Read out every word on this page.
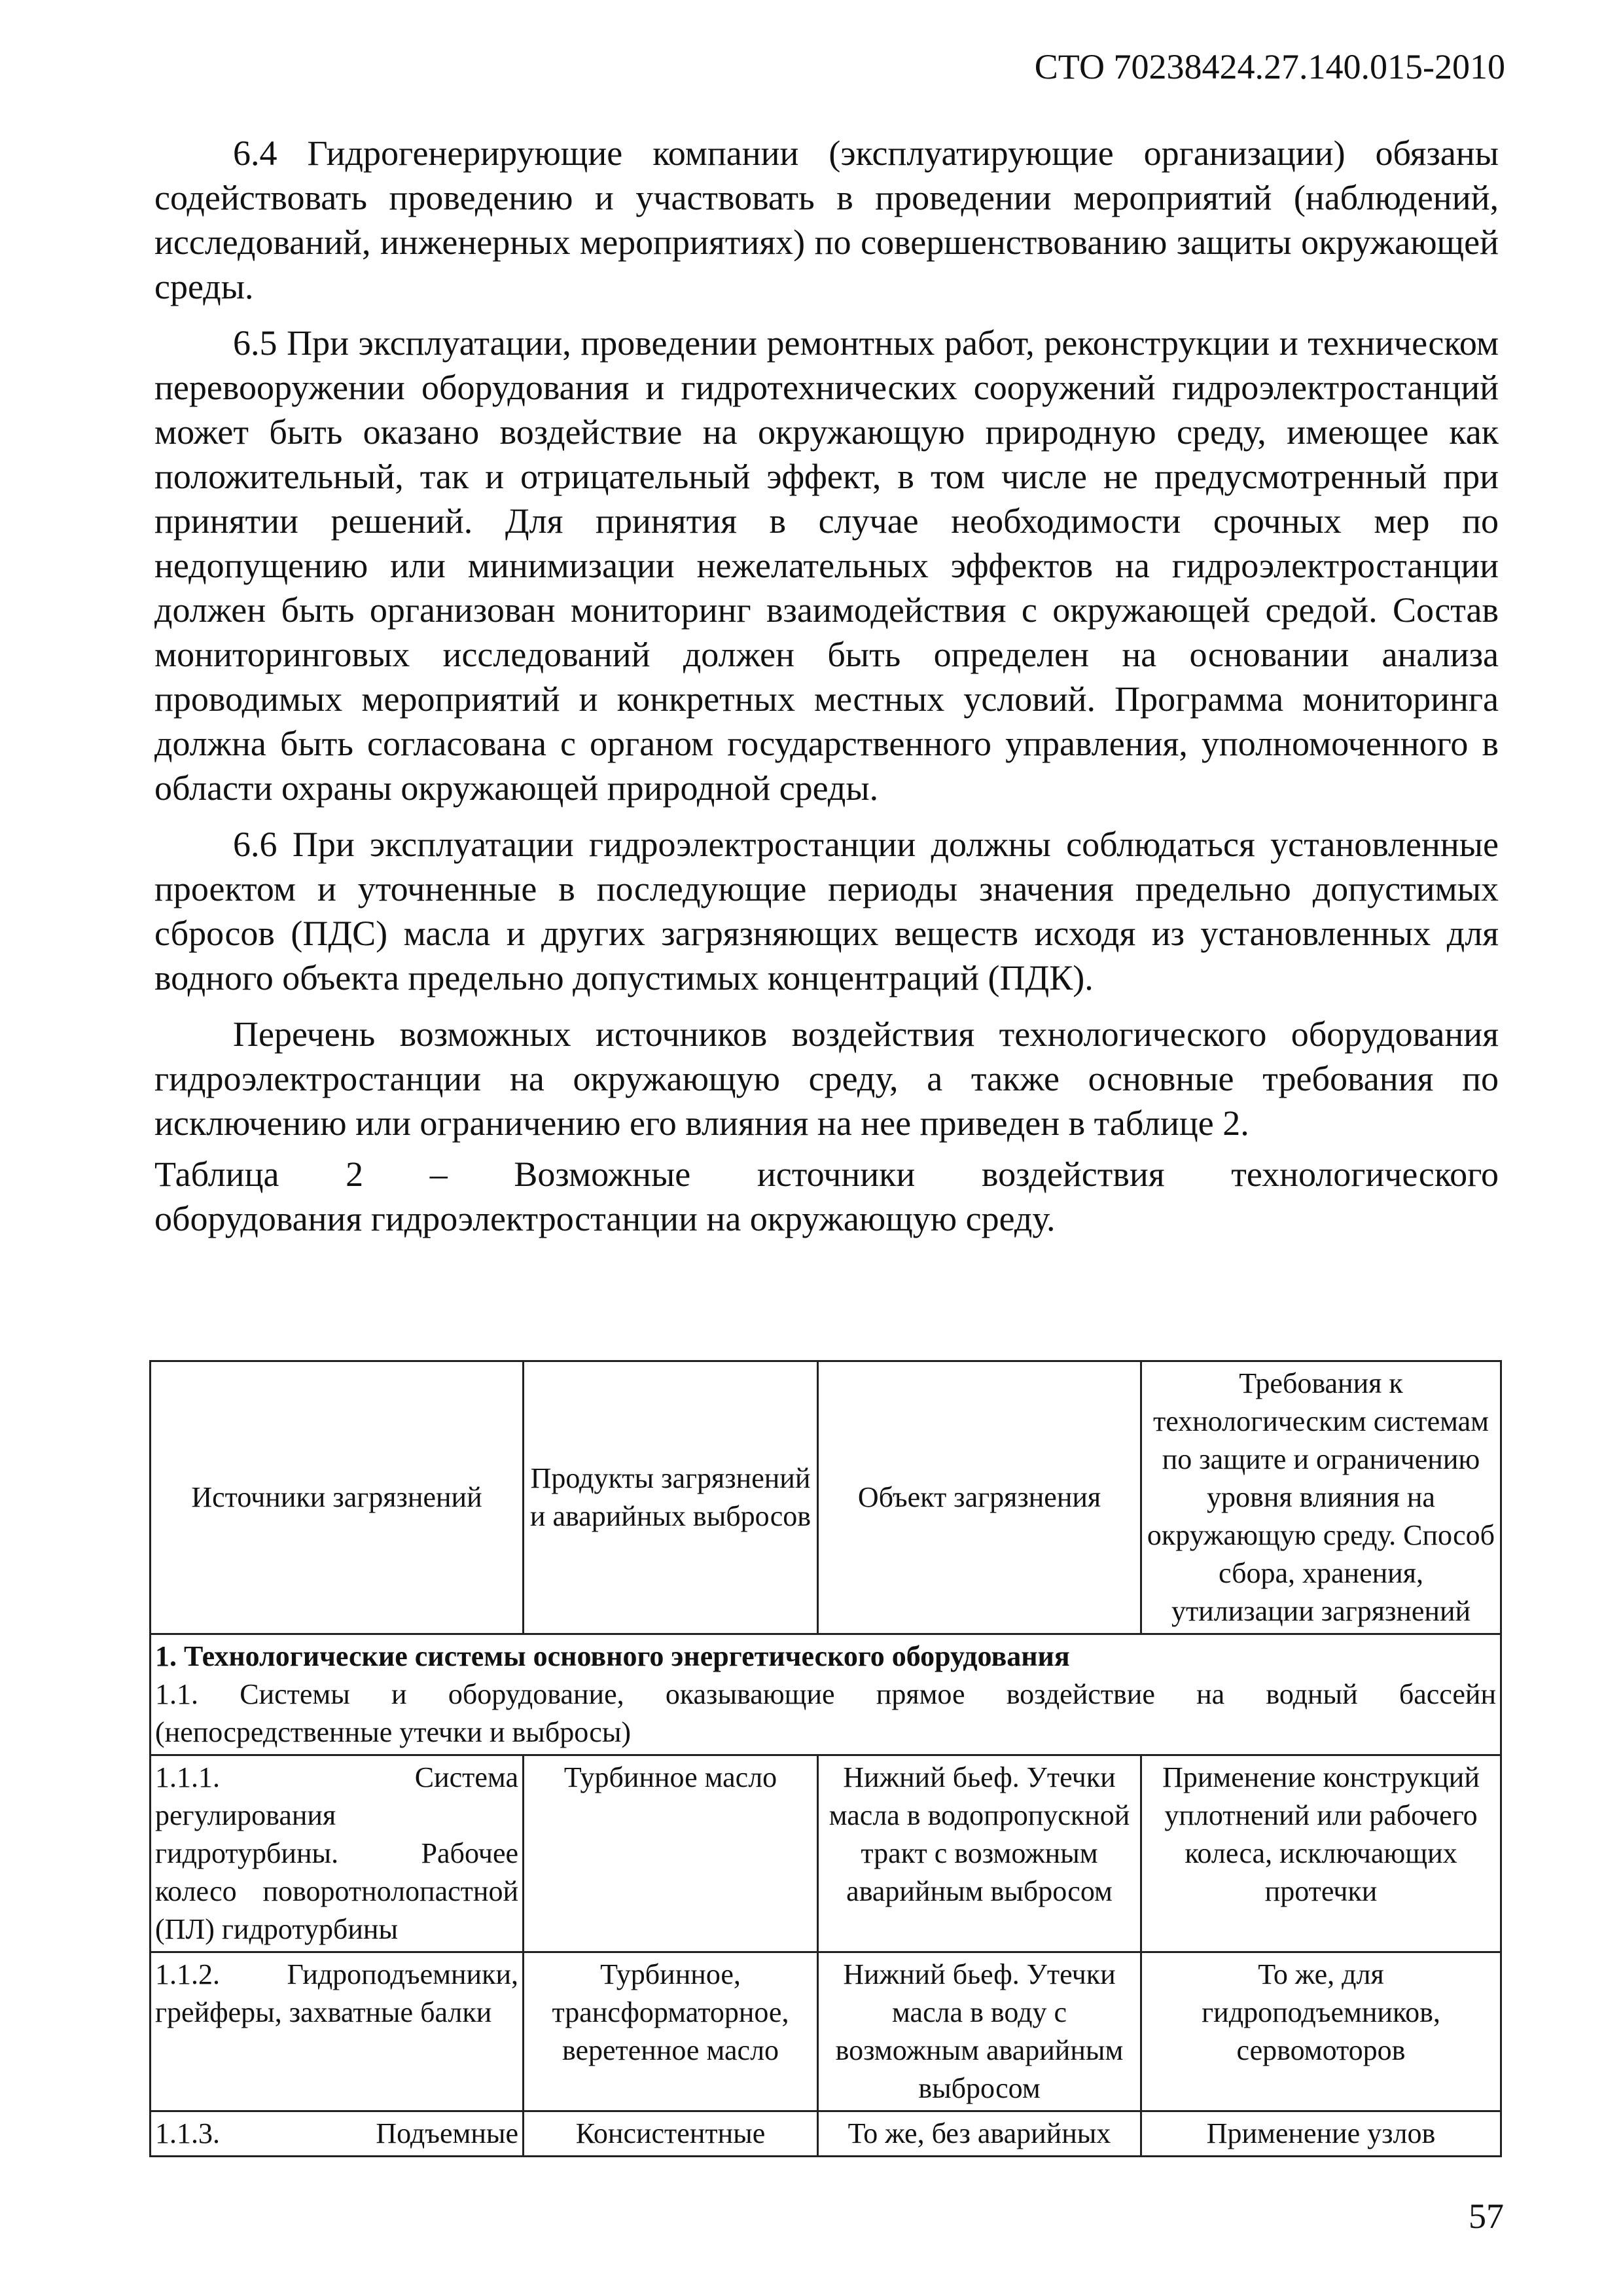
СТО 70238424.27.140.015-2010

6.4 Гидрогенерирующие компании (эксплуатирующие организации) обязаны содействовать проведению и участвовать в проведении мероприятий (наблюдений, исследований, инженерных мероприятиях) по совершенствованию защиты окружающей среды.

6.5 При эксплуатации, проведении ремонтных работ, реконструкции и техническом перевооружении оборудования и гидротехнических сооружений гидроэлектростанций может быть оказано воздействие на окружающую природную среду, имеющее как положительный, так и отрицательный эффект, в том числе не предусмотренный при принятии решений. Для принятия в случае необходимости срочных мер по недопущению или минимизации нежелательных эффектов на гидроэлектростанции должен быть организован мониторинг взаимодействия с окружающей средой. Состав мониторинговых исследований должен быть определен на основании анализа проводимых мероприятий и конкретных местных условий. Программа мониторинга должна быть согласована с органом государственного управления, уполномоченного в области охраны окружающей природной среды.

6.6 При эксплуатации гидроэлектростанции должны соблюдаться установленные проектом и уточненные в последующие периоды значения предельно допустимых сбросов (ПДС) масла и других загрязняющих веществ исходя из установленных для водного объекта предельно допустимых концентраций (ПДК).

Перечень возможных источников воздействия технологического оборудования гидроэлектростанции на окружающую среду, а также основные требования по исключению или ограничению его влияния на нее приведен в таблице 2.

Таблица 2 – Возможные источники воздействия технологического

оборудования гидроэлектростанции на окружающую среду.

Источники загрязнений	Продукты загрязнений и аварийных выбросов	Объект загрязнения	Требования к технологическим системам по защите и ограничению уровня влияния на окружающую среду. Способ сбора, хранения, утилизации загрязнений

1. Технологические системы основного энергетического оборудования
1.1. Системы и оборудование, оказывающие прямое воздействие на водный бассейн
(непосредственные утечки и выбросы)			

1.1.1. Система регулирования гидротурбины. Рабочее колесо поворотнолопастной (ПЛ) гидротурбины	Турбинное масло	Нижний бьеф. Утечки масла в водопропускной тракт с возможным аварийным выбросом	Применение конструкций уплотнений или рабочего колеса, исключающих протечки
1.1.2. Гидроподъемники, грейферы, захватные балки	Турбинное, трансформаторное, веретенное масло	Нижний бьеф. Утечки масла в воду с возможным аварийным выбросом	То же, для гидроподъемников, сервомоторов
1.1.3. Подъемные	Консистентные	То же, без аварийных	Применение узлов
57
